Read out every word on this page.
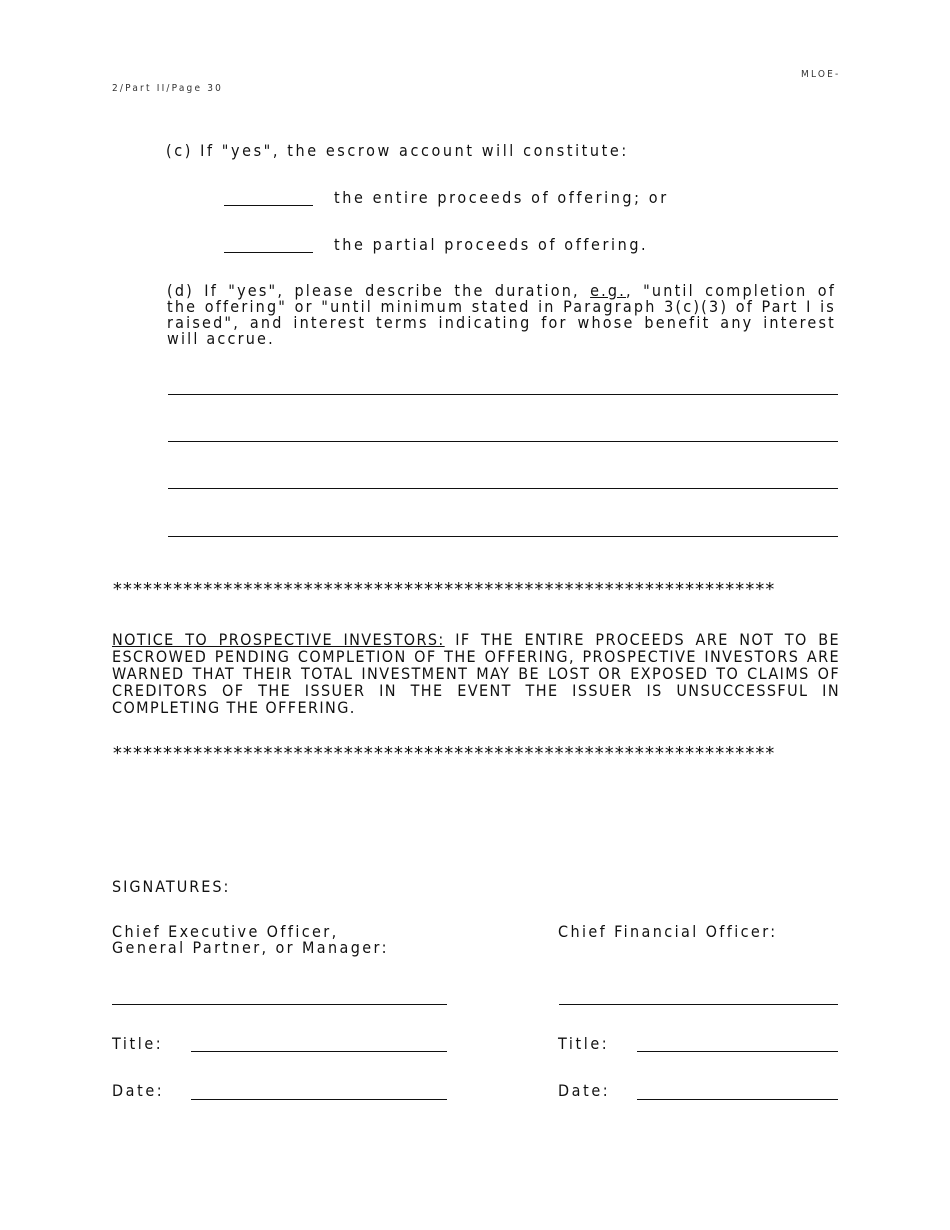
MLOE-
2/Part II/Page 30
(c) If "yes", the escrow account will constitute:
the entire proceeds of offering; or
the partial proceeds of offering.
(d) If "yes", please describe the duration, e.g., "until completion of the offering" or "until minimum stated in Paragraph 3(c)(3) of Part I is raised", and interest terms indicating for whose benefit any interest will accrue.
******************************************************************
NOTICE TO PROSPECTIVE INVESTORS: IF THE ENTIRE PROCEEDS ARE NOT TO BE ESCROWED PENDING COMPLETION OF THE OFFERING, PROSPECTIVE INVESTORS ARE WARNED THAT THEIR TOTAL INVESTMENT MAY BE LOST OR EXPOSED TO CLAIMS OF CREDITORS OF THE ISSUER IN THE EVENT THE ISSUER IS UNSUCCESSFUL IN COMPLETING THE OFFERING.
******************************************************************
SIGNATURES:
Chief Executive Officer,
General Partner, or Manager:
Chief Financial Officer:
Title:	Title:
Date:	Date:
